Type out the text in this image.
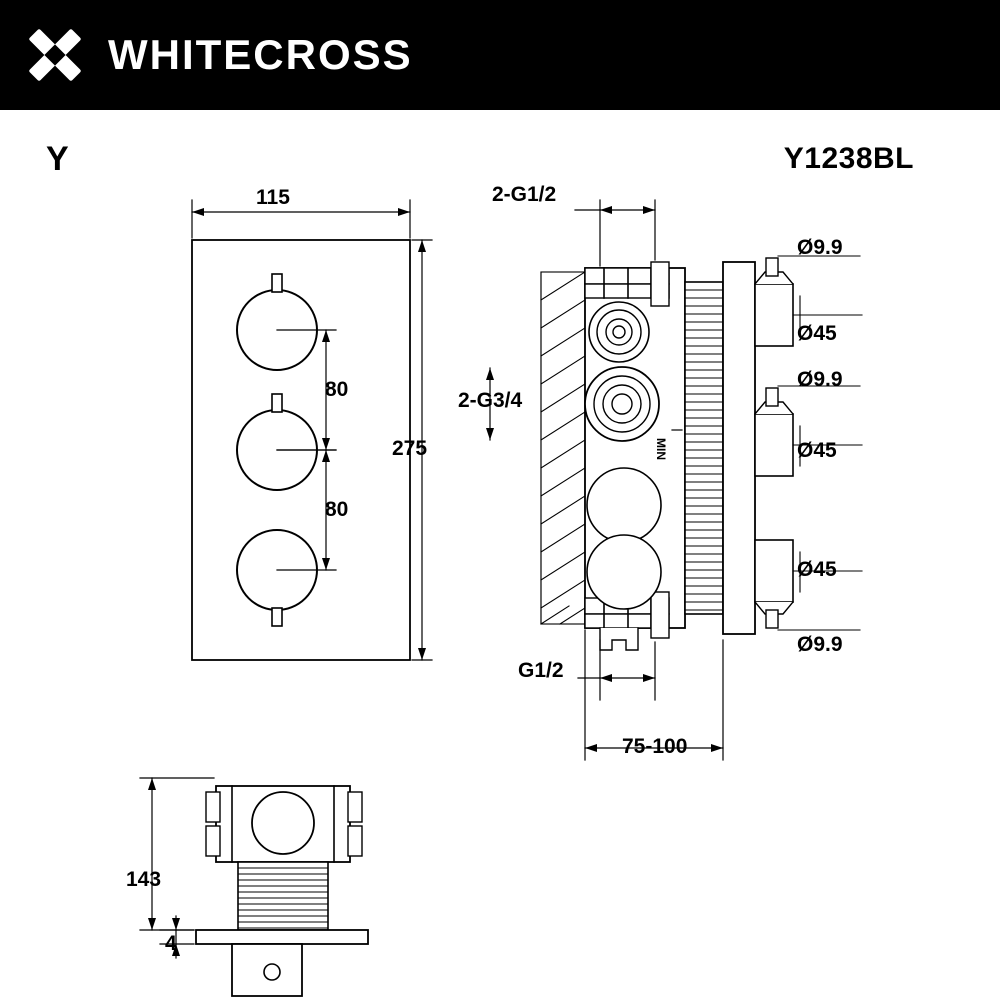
WHITECROSS
Y	Y1238BL
115
275
80
80
2-G1/2
2-G3/4
G1/2
75-100
Ø9.9
Ø45
Ø9.9
Ø45
Ø45
Ø9.9
MIN
143
4
